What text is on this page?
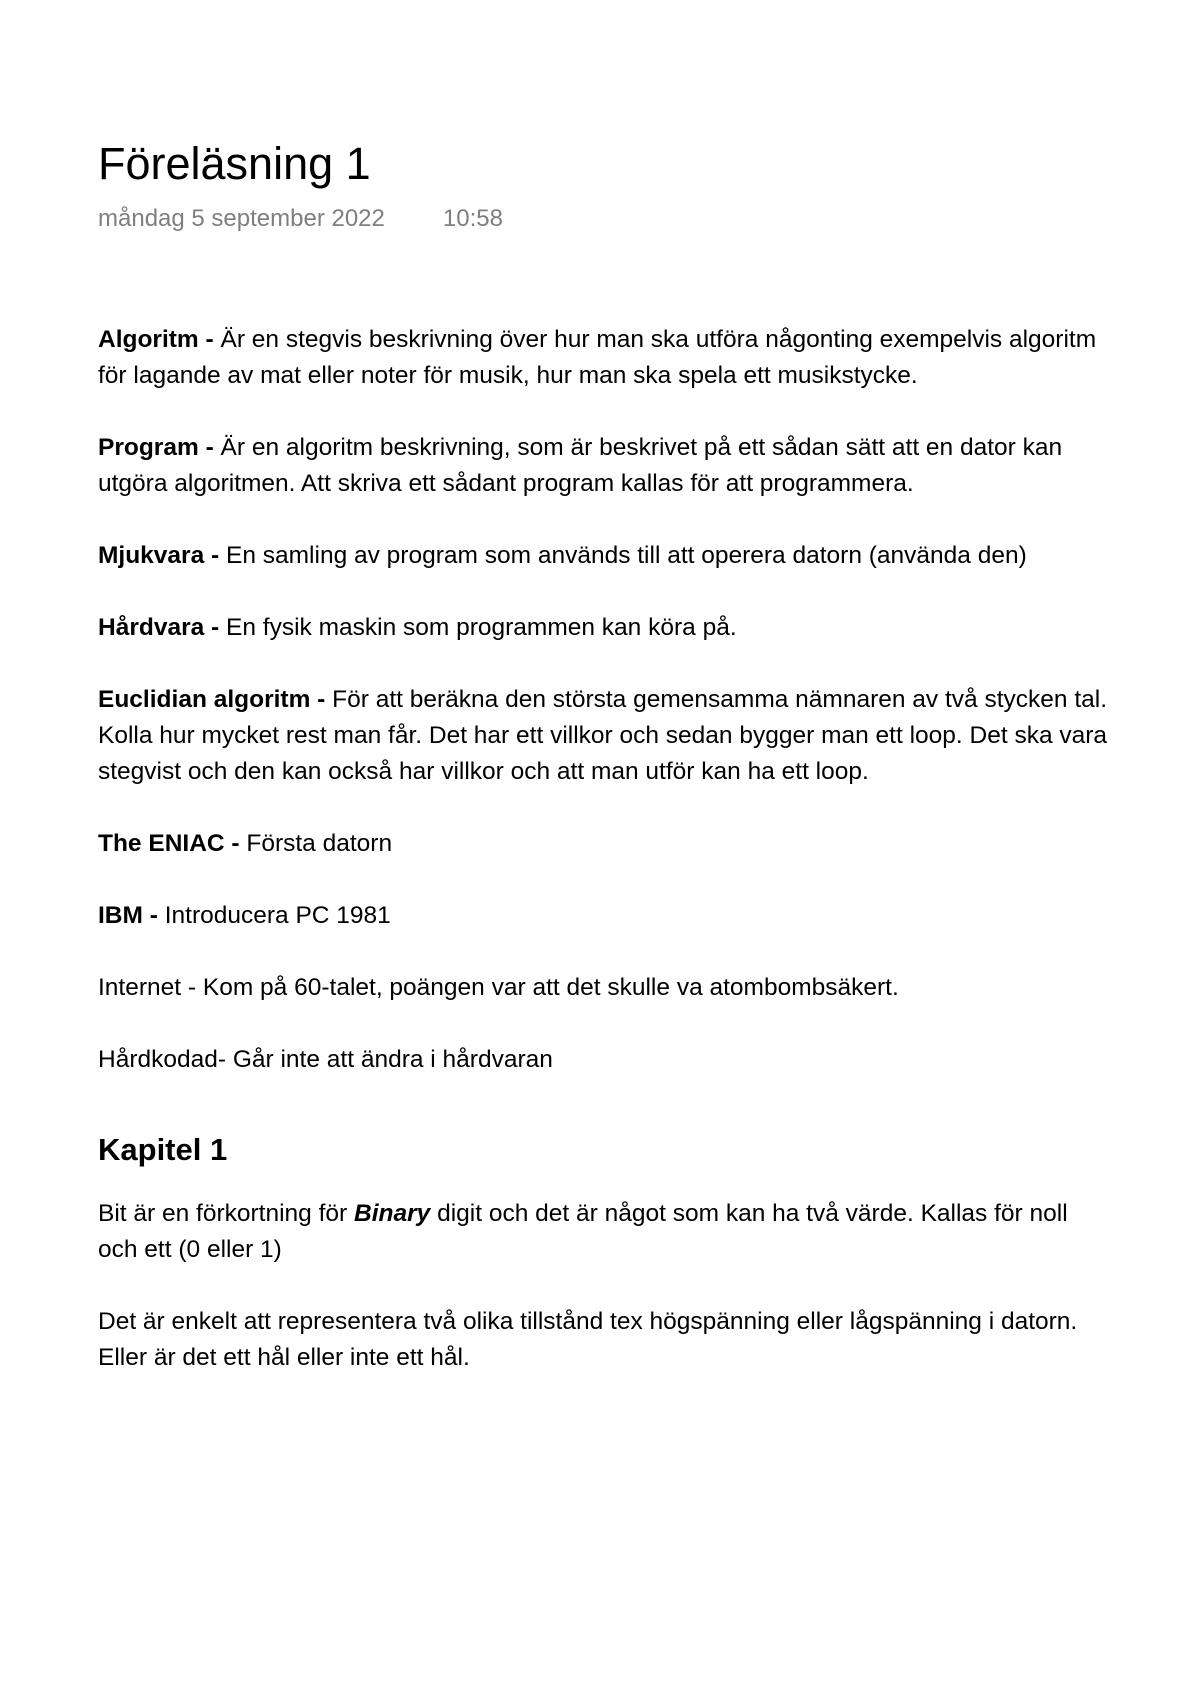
Föreläsning 1
måndag 5 september 2022 10:58

Algoritm - Är en stegvis beskrivning över hur man ska utföra någonting exempelvis algoritm för lagande av mat eller noter för musik, hur man ska spela ett musikstycke.

Program - Är en algoritm beskrivning, som är beskrivet på ett sådan sätt att en dator kan utgöra algoritmen. Att skriva ett sådant program kallas för att programmera.

Mjukvara - En samling av program som används till att operera datorn (använda den)

Hårdvara - En fysik maskin som programmen kan köra på.

Euclidian algoritm - För att beräkna den största gemensamma nämnaren av två stycken tal. Kolla hur mycket rest man får. Det har ett villkor och sedan bygger man ett loop. Det ska vara stegvist och den kan också har villkor och att man utför kan ha ett loop.

The ENIAC - Första datorn

IBM - Introducera PC 1981

Internet - Kom på 60-talet, poängen var att det skulle va atombombsäkert.

Hårdkodad- Går inte att ändra i hårdvaran

Kapitel 1

Bit är en förkortning för Binary digit och det är något som kan ha två värde. Kallas för noll och ett (0 eller 1)

Det är enkelt att representera två olika tillstånd tex högspänning eller lågspänning i datorn. Eller är det ett hål eller inte ett hål.
